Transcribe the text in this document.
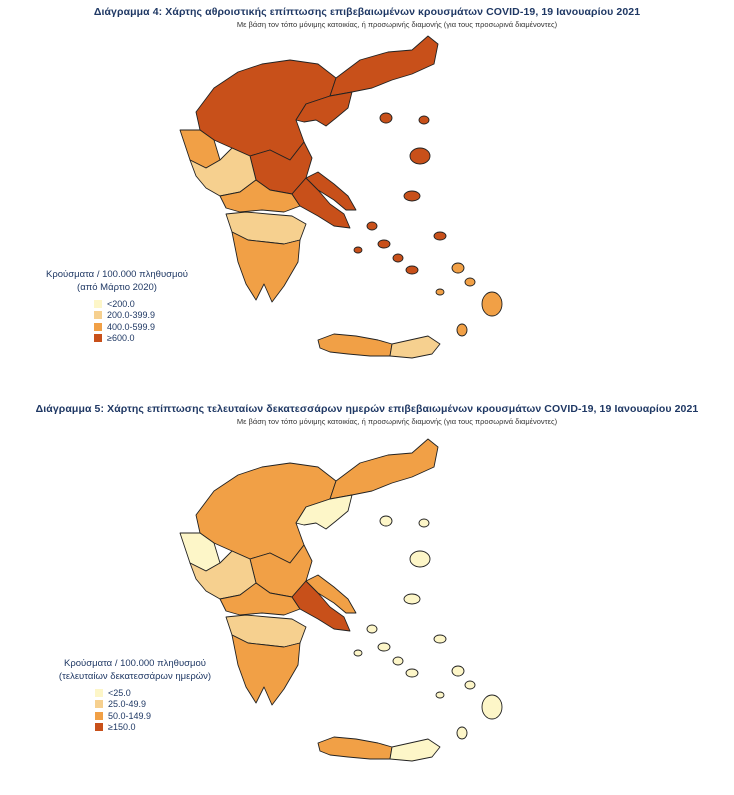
Διάγραμμα 4: Χάρτης αθροιστικής επίπτωσης επιβεβαιωμένων κρουσμάτων COVID-19, 19 Ιανουαρίου 2021
Με βάση τον τόπο μόνιμης κατοικίας, ή προσωρινής διαμονής (για τους προσωρινά διαμένοντες)
Κρούσματα / 100.000 πληθυσμού
(από Μάρτιο 2020)
<200.0
200.0-399.9
400.0-599.9
≥600.0
Διάγραμμα 5: Χάρτης επίπτωσης τελευταίων δεκατεσσάρων ημερών επιβεβαιωμένων κρουσμάτων COVID-19, 19 Ιανουαρίου 2021
Με βάση τον τόπο μόνιμης κατοικίας, ή προσωρινής διαμονής (για τους προσωρινά διαμένοντες)
Κρούσματα / 100.000 πληθυσμού
(τελευταίων δεκατεσσάρων ημερών)
<25.0
25.0-49.9
50.0-149.9
≥150.0
